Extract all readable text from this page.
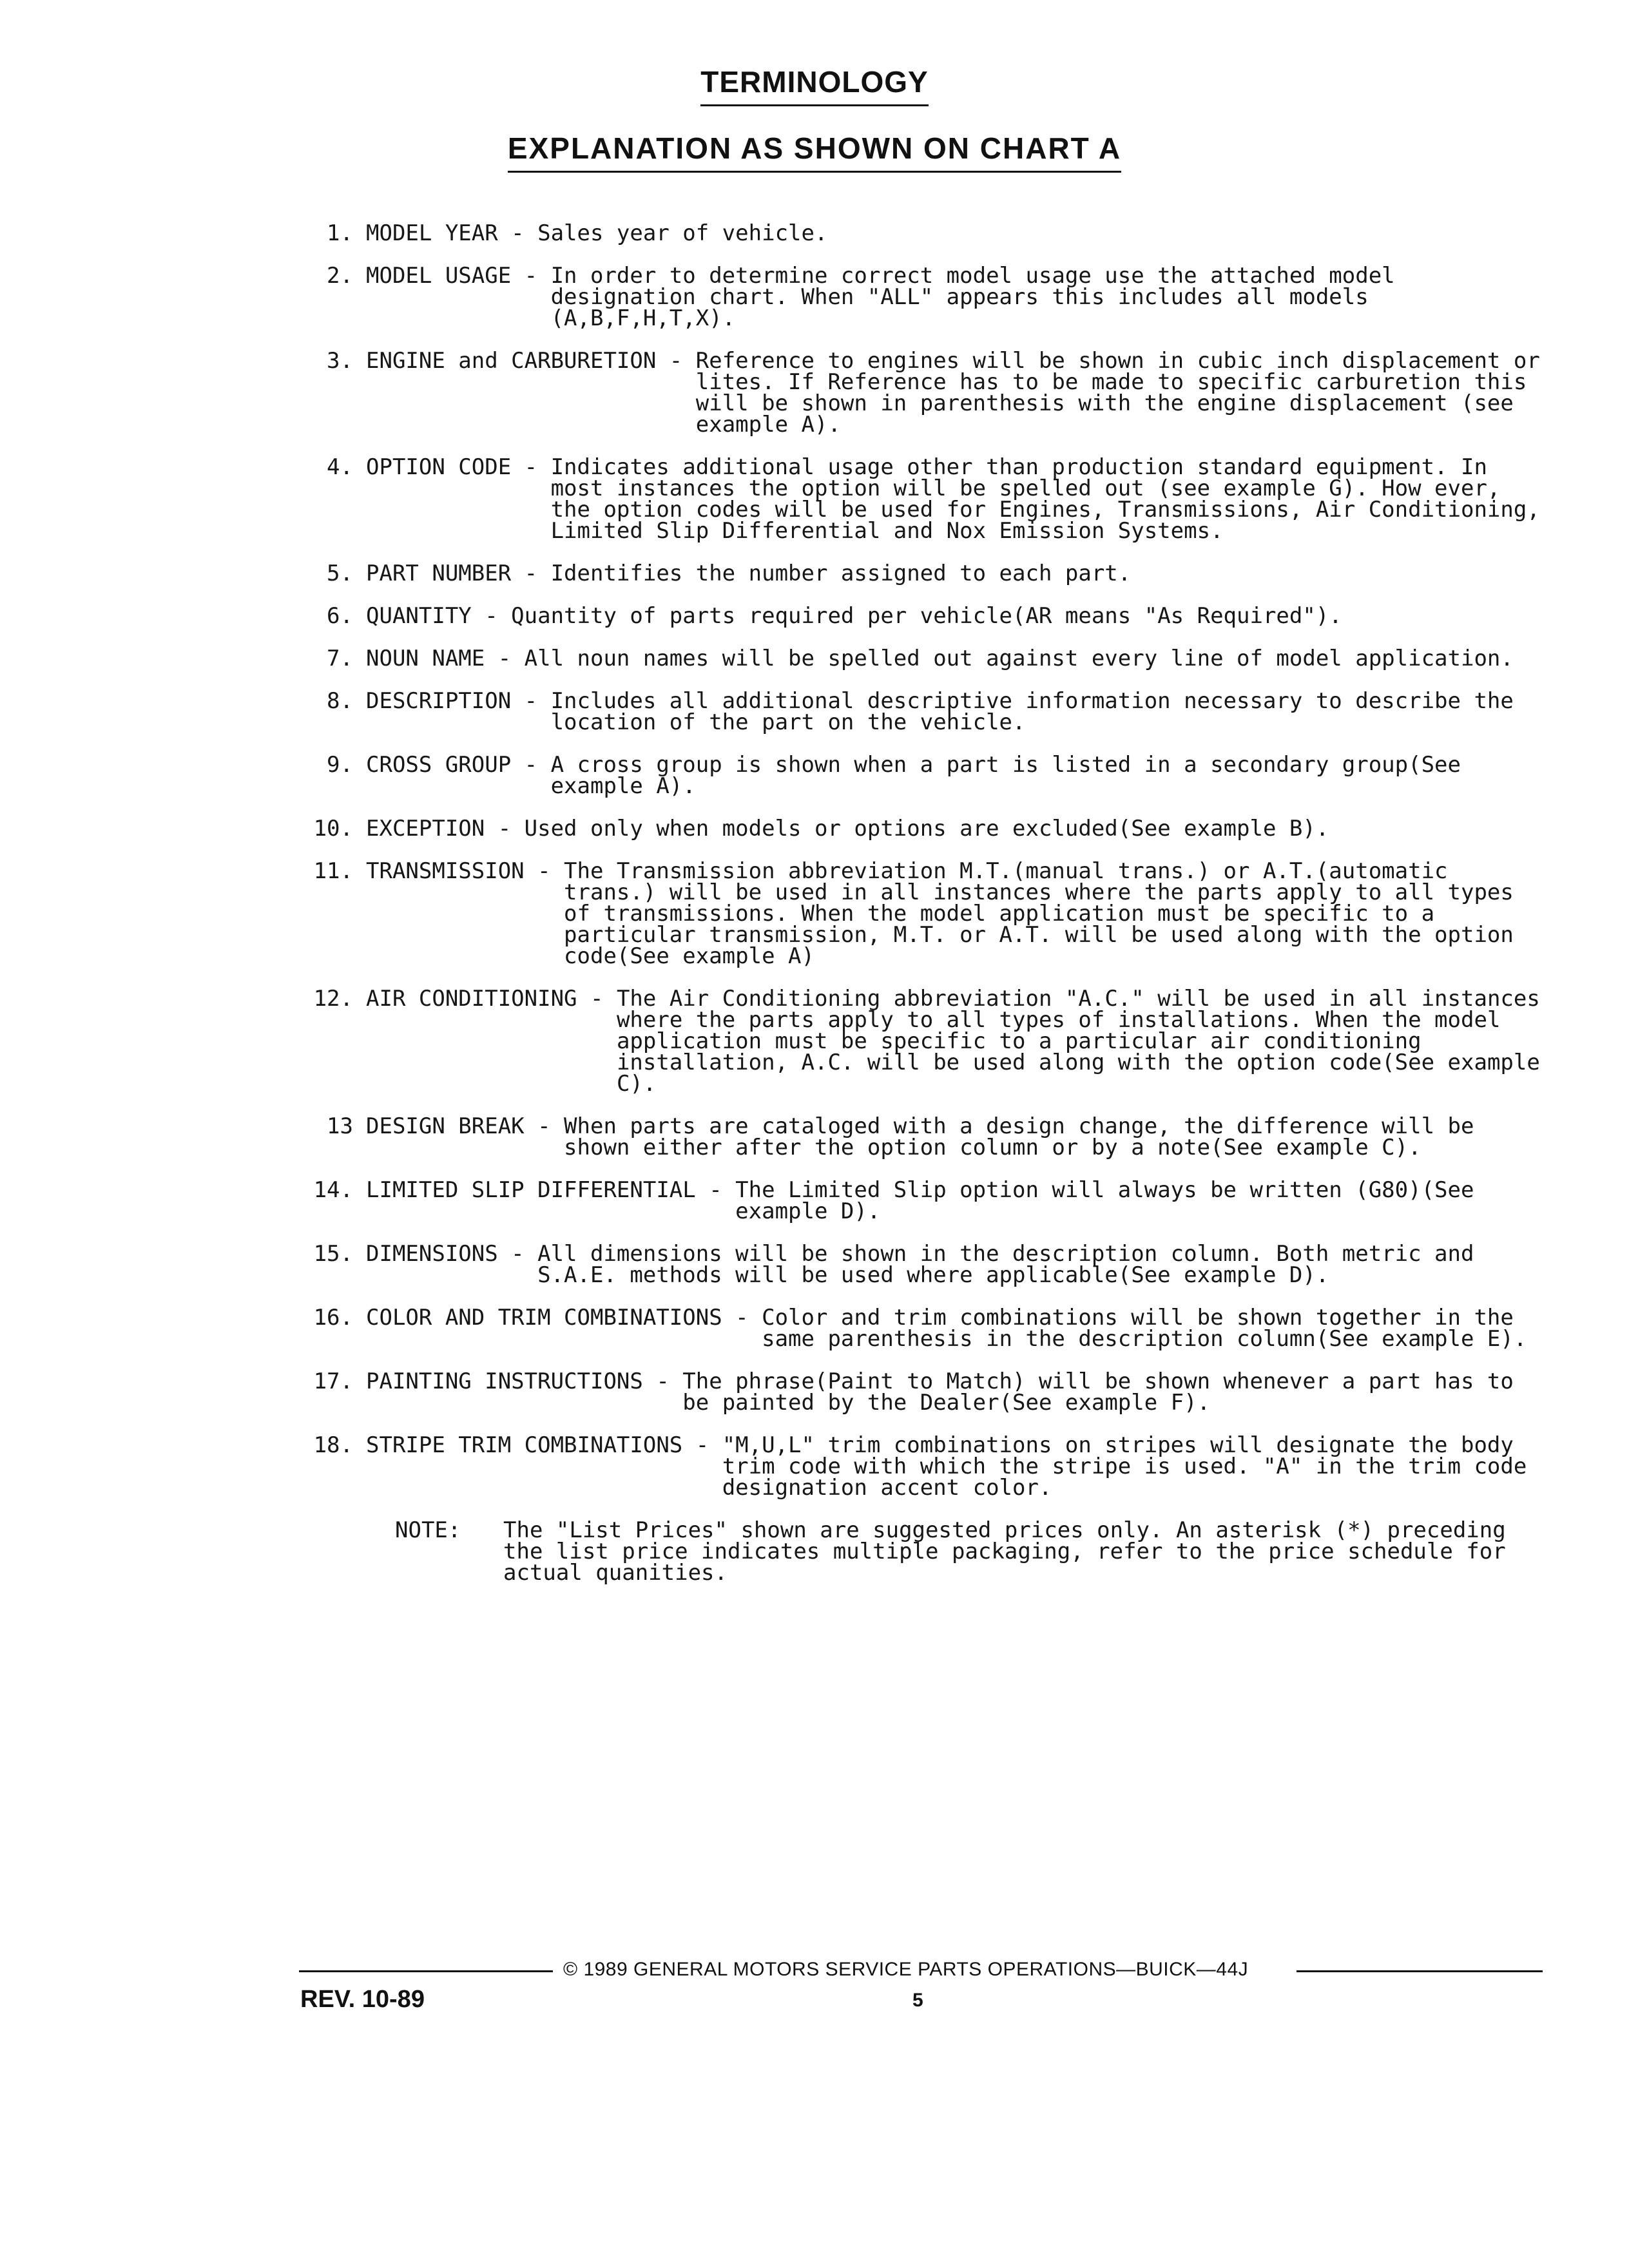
TERMINOLOGY
EXPLANATION AS SHOWN ON CHART A
1. MODEL YEAR - Sales year of vehicle.
2. MODEL USAGE - In order to determine correct model usage use the attached model designation chart. When "ALL" appears this includes all models (A,B,F,H,T,X).
3. ENGINE and CARBURETION - Reference to engines will be shown in cubic inch displacement or lites. If Reference has to be made to specific carburetion this will be shown in parenthesis with the engine displacement (see example A).
4. OPTION CODE - Indicates additional usage other than production standard equipment. In most instances the option will be spelled out (see example G). How ever, the option codes will be used for Engines, Transmissions, Air Conditioning, Limited Slip Differential and Nox Emission Systems.
5. PART NUMBER - Identifies the number assigned to each part.
6. QUANTITY - Quantity of parts required per vehicle(AR means "As Required").
7. NOUN NAME - All noun names will be spelled out against every line of model application.
8. DESCRIPTION - Includes all additional descriptive information necessary to describe the location of the part on the vehicle.
9. CROSS GROUP - A cross group is shown when a part is listed in a secondary group(See example A).
10. EXCEPTION - Used only when models or options are excluded(See example B).
11. TRANSMISSION - The Transmission abbreviation M.T.(manual trans.) or A.T.(automatic trans.) will be used in all instances where the parts apply to all types of transmissions. When the model application must be specific to a particular transmission, M.T. or A.T. will be used along with the option code(See example A)
12. AIR CONDITIONING - The Air Conditioning abbreviation "A.C." will be used in all instances where the parts apply to all types of installations. When the model application must be specific to a particular air conditioning installation, A.C. will be used along with the option code(See example C).
13 DESIGN BREAK - When parts are cataloged with a design change, the difference will be shown either after the option column or by a note(See example C).
14. LIMITED SLIP DIFFERENTIAL - The Limited Slip option will always be written (G80)(See example D).
15. DIMENSIONS - All dimensions will be shown in the description column. Both metric and S.A.E. methods will be used where applicable(See example D).
16. COLOR AND TRIM COMBINATIONS - Color and trim combinations will be shown together in the same parenthesis in the description column(See example E).
17. PAINTING INSTRUCTIONS - The phrase(Paint to Match) will be shown whenever a part has to be painted by the Dealer(See example F).
18. STRIPE TRIM COMBINATIONS - "M,U,L" trim combinations on stripes will designate the body trim code with which the stripe is used. "A" in the trim code designation accent color.
NOTE:	The "List Prices" shown are suggested prices only. An asterisk (*) preceding the list price indicates multiple packaging, refer to the price schedule for actual quanities.
© 1989 GENERAL MOTORS SERVICE PARTS OPERATIONS—BUICK—44J
REV. 10-89	5
